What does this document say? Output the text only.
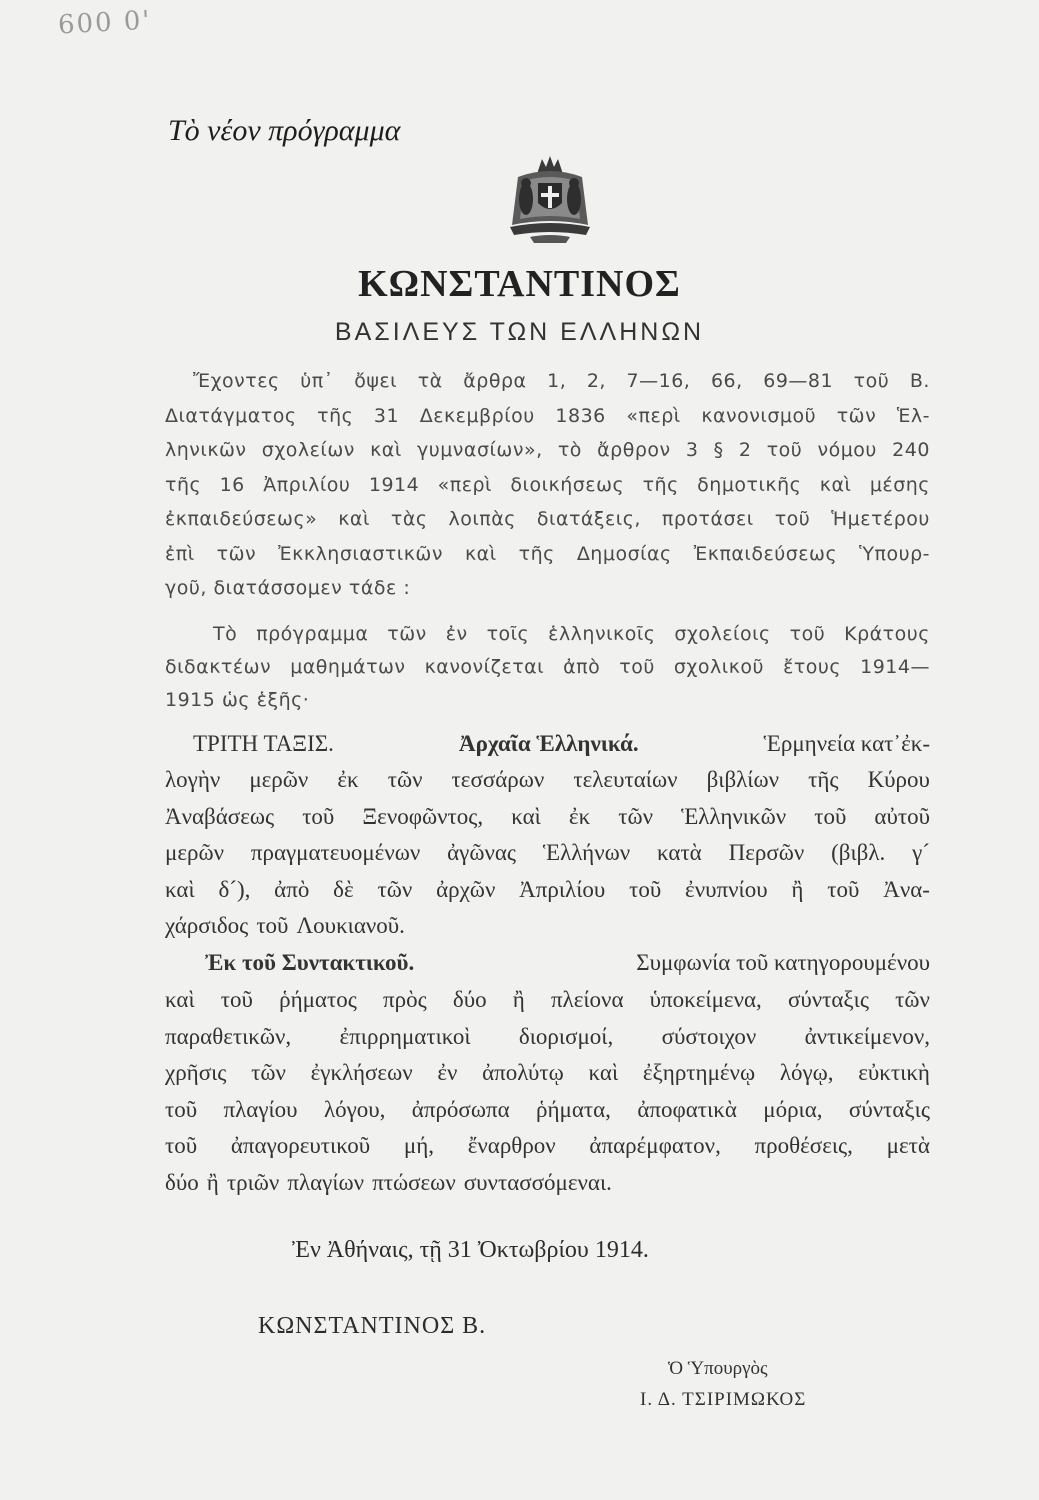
600 0'
Τὸ νέον πρόγραμμα
ΚΩΝΣΤΑΝΤΙΝΟΣ
ΒΑΣΙΛΕΥΣ ΤΩΝ ΕΛΛΗΝΩΝ
Ἔχοντες ὑπ᾽ ὄψει τὰ ἄρθρα 1, 2, 7—16, 66, 69—81 τοῦ Β.
Διατάγματος τῆς 31 Δεκεμβρίου 1836 «περὶ κανονισμοῦ τῶν Ἑλ-
ληνικῶν σχολείων καὶ γυμνασίων», τὸ ἄρθρον 3 § 2 τοῦ νόμου 240
τῆς 16 Ἀπριλίου 1914 «περὶ διοικήσεως τῆς δημοτικῆς καὶ μέσης
ἐκπαιδεύσεως» καὶ τὰς λοιπὰς διατάξεις, προτάσει τοῦ Ἡμετέρου
ἐπὶ τῶν Ἐκκλησιαστικῶν καὶ τῆς Δημοσίας Ἐκπαιδεύσεως Ὑπουρ-
γοῦ, διατάσσομεν τάδε :
Τὸ πρόγραμμα τῶν ἐν τοῖς ἑλληνικοῖς σχολείοις τοῦ Κράτους
διδακτέων μαθημάτων κανονίζεται ἀπὸ τοῦ σχολικοῦ ἔτους 1914—
1915 ὡς ἑξῆς·
ΤΡΙΤΗ ΤΑΞΙΣ.	Ἀρχαῖα Ἑλληνικά.	Ἑρμηνεία κατ᾽ἐκ-
λογὴν μερῶν ἐκ τῶν τεσσάρων τελευταίων βιβλίων τῆς Κύρου
Ἀναβάσεως τοῦ Ξενοφῶντος, καὶ ἐκ τῶν Ἑλληνικῶν τοῦ αὐτοῦ
μερῶν πραγματευομένων ἀγῶνας Ἑλλήνων κατὰ Περσῶν (βιβλ. γ´
καὶ δ´), ἀπὸ δὲ τῶν ἀρχῶν Ἀπριλίου τοῦ ἐνυπνίου ἢ τοῦ Ἀνα-
χάρσιδος τοῦ Λουκιανοῦ.
Ἐκ τοῦ Συντακτικοῦ.	Συμφωνία τοῦ κατηγορουμένου
καὶ τοῦ ῥήματος πρὸς δύο ἢ πλείονα ὑποκείμενα, σύνταξις τῶν
παραθετικῶν, ἐπιρρηματικοὶ διορισμοί, σύστοιχον ἀντικείμενον,
χρῆσις τῶν ἐγκλήσεων ἐν ἀπολύτῳ καὶ ἐξηρτημένῳ λόγῳ, εὐκτικὴ
τοῦ πλαγίου λόγου, ἀπρόσωπα ῥήματα, ἀποφατικὰ μόρια, σύνταξις
τοῦ ἀπαγορευτικοῦ μή, ἔναρθρον ἀπαρέμφατον, προθέσεις, μετὰ
δύο ἢ τριῶν πλαγίων πτώσεων συντασσόμεναι.
Ἐν Ἀθήναις, τῇ 31 Ὀκτωβρίου 1914.
ΚΩΝΣΤΑΝΤΙΝΟΣ Β.
Ὁ Ὑπουργὸς
Ι. Δ. ΤΣΙΡΙΜΩΚΟΣ
